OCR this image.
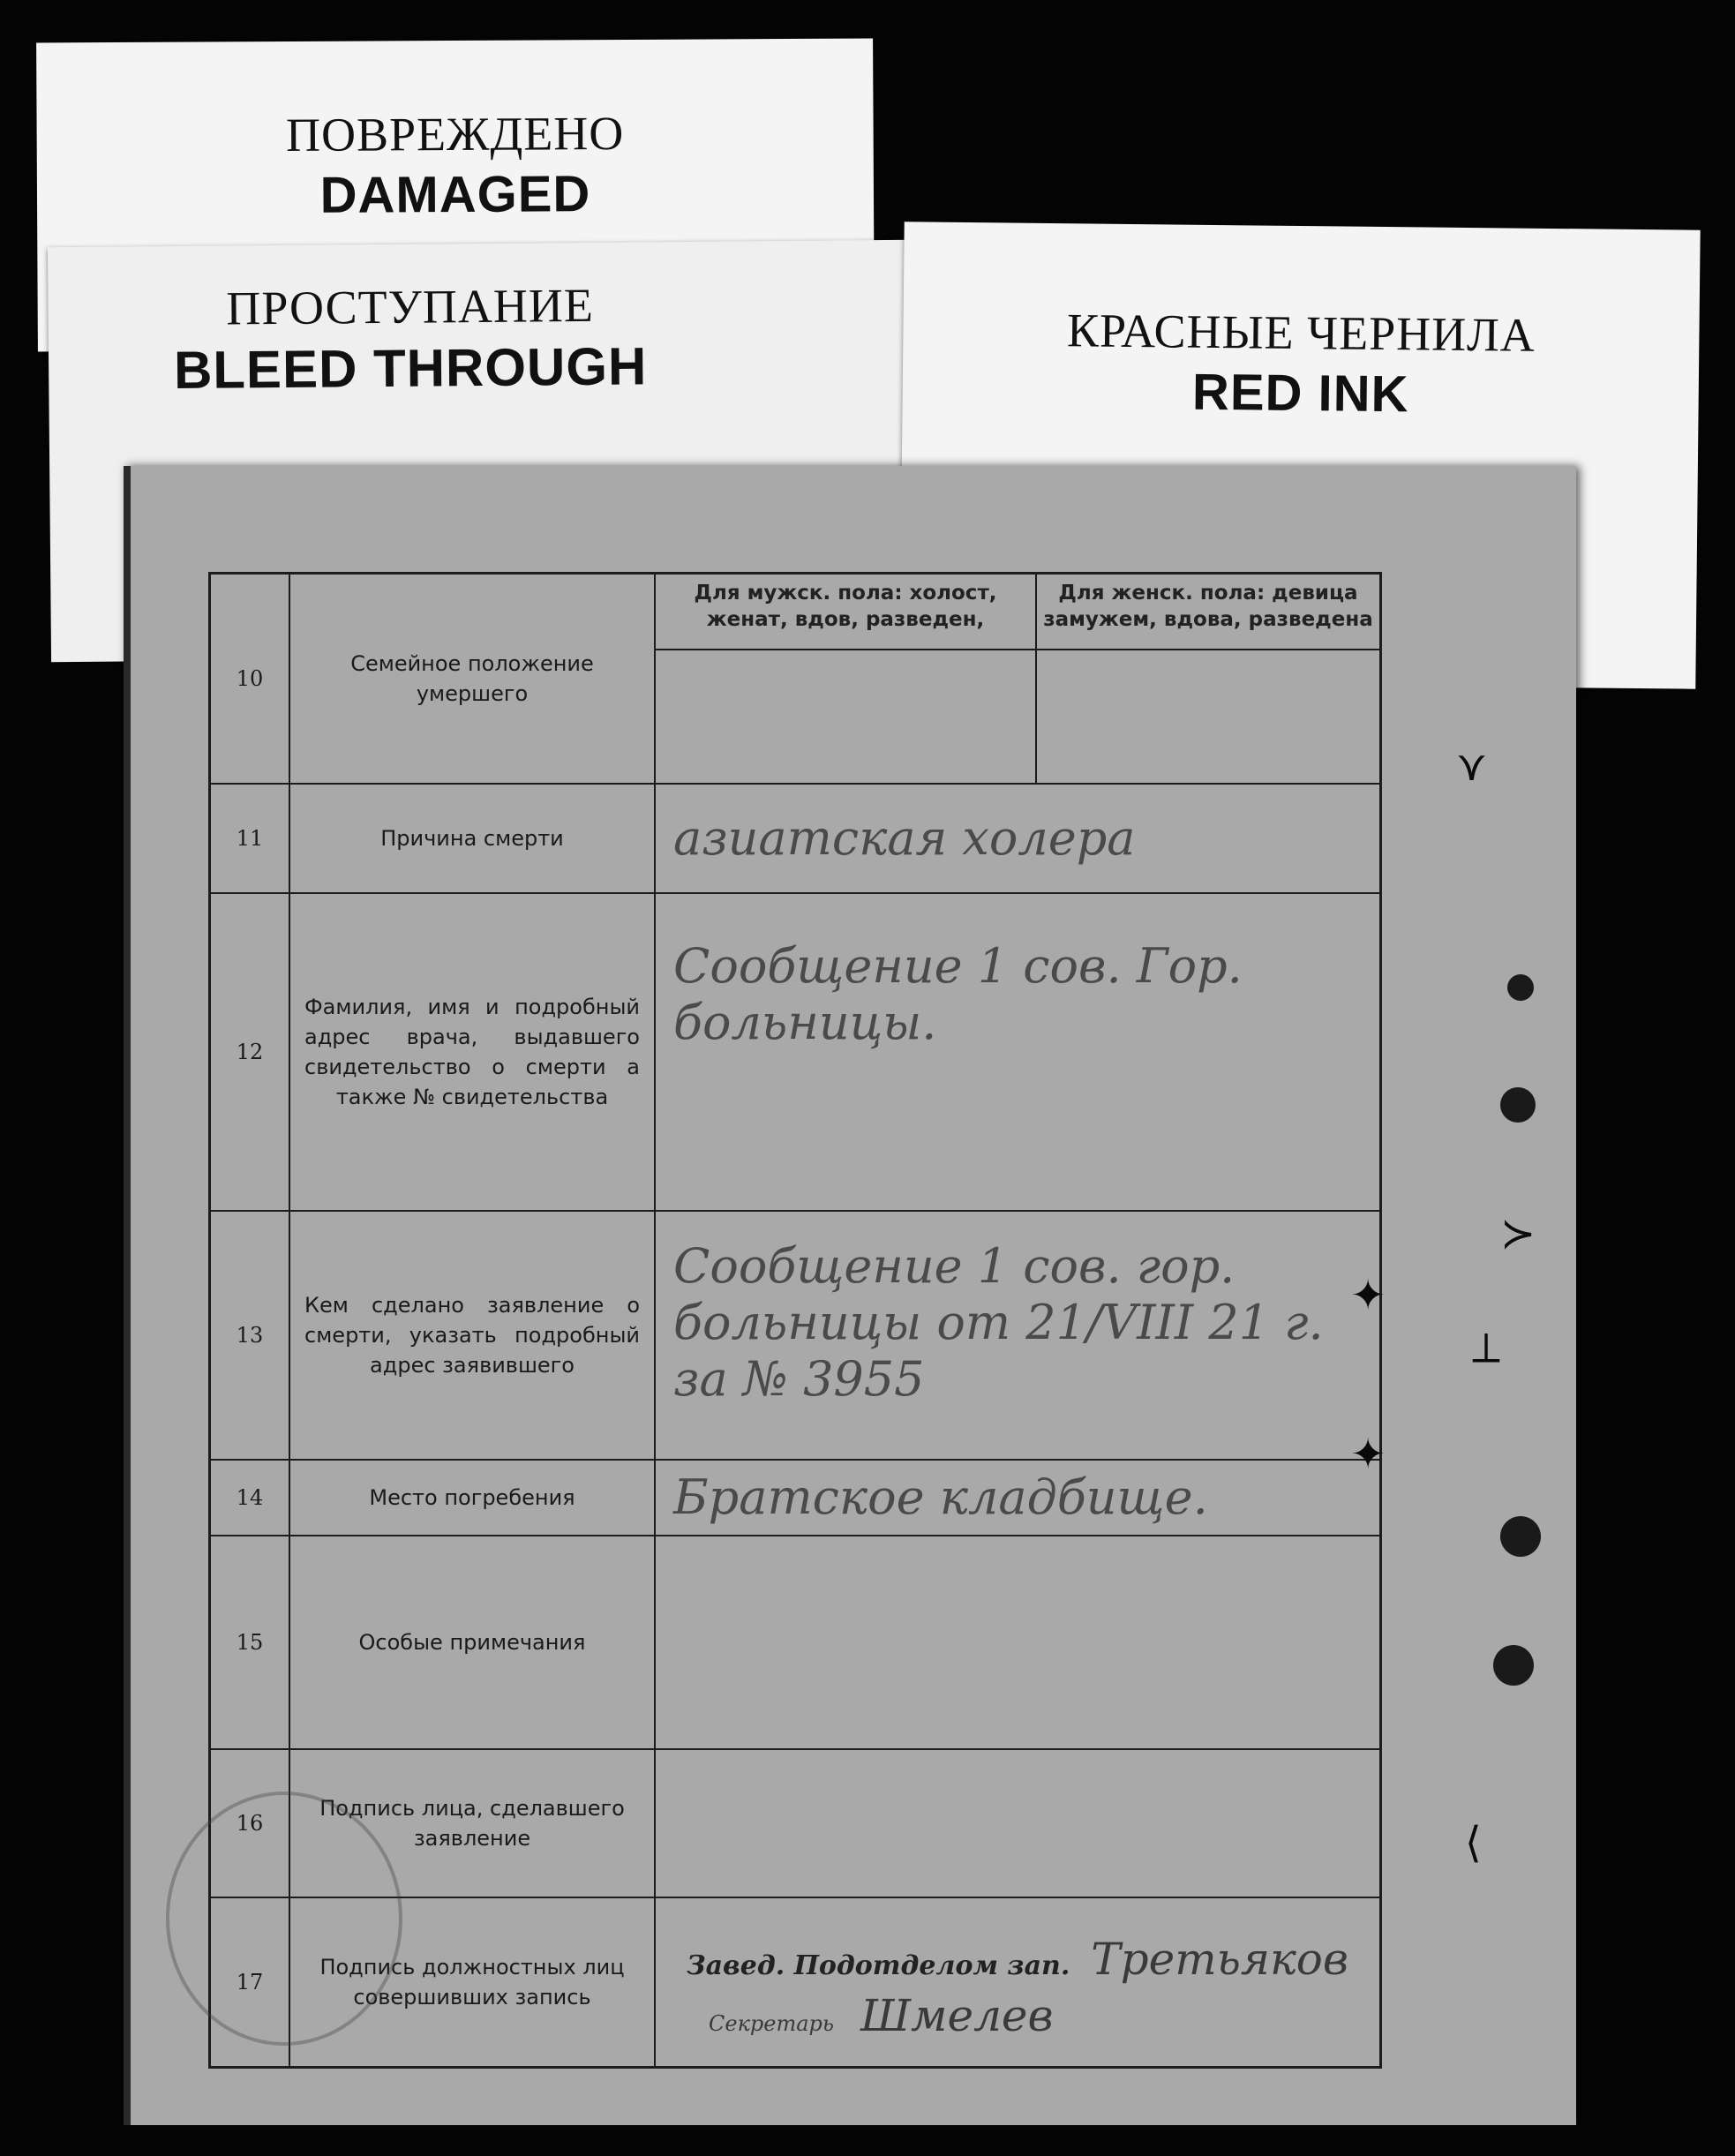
ПОВРЕЖДЕНО
DAMAGED
ПРОСТУПАНИЕ
BLEED THROUGH
КРАСНЫЕ ЧЕРНИЛА
RED INK
10	Семейное положение умершего	Для мужск. пола: холост, женат, вдов, разведен,	Для женск. пола: девица замужем, вдова, разведена

11	Причина смерти	азиатская холера	
12	Фамилия, имя и подробный адрес врача, выдавшего свидетельство о смерти а также № свидетельства	Сообщение 1 сов. Гор. больницы.	
13	Кем сделано заявление о смерти, указать подробный адрес заявившего	Сообщение 1 сов. гор. больницы от 21/VIII 21 г. за № 3955	
14	Место погребения	Братское кладбище.	
15	Особые примечания		
16	Подпись лица, сделавшего заявление		
17	Подпись должностных лиц совершивших запись	Завед. Подотделом зап. Третьяков
Секретарь Шмелев	
⋎
≻
✦
⟂
✦
⟨
